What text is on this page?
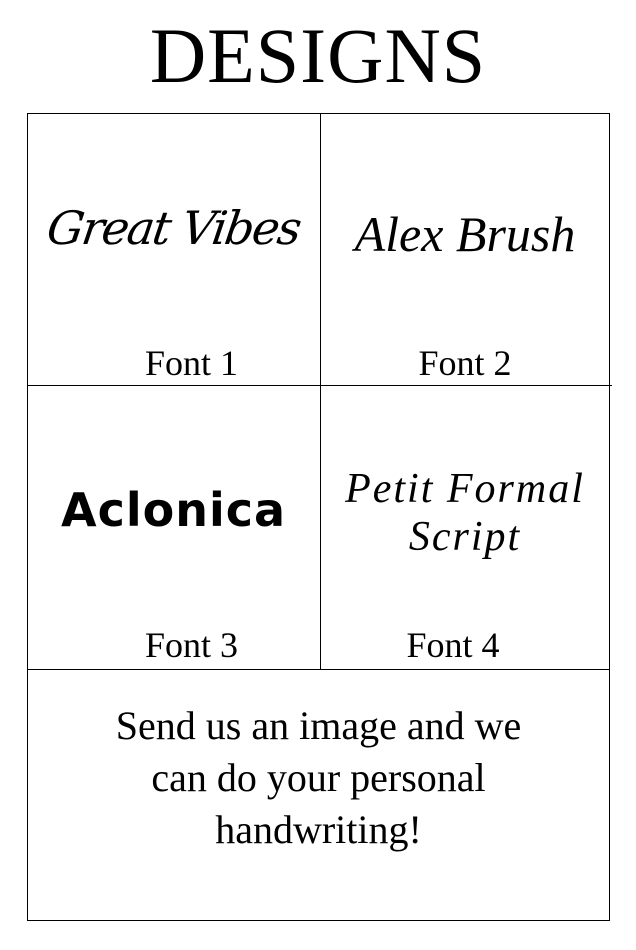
DESIGNS
Great Vibes
Font 1
Alex Brush
Font 2
Aclonica
Font 3
Petit Formal Script
Font 4
Send us an image and we
can do your personal
handwriting!
